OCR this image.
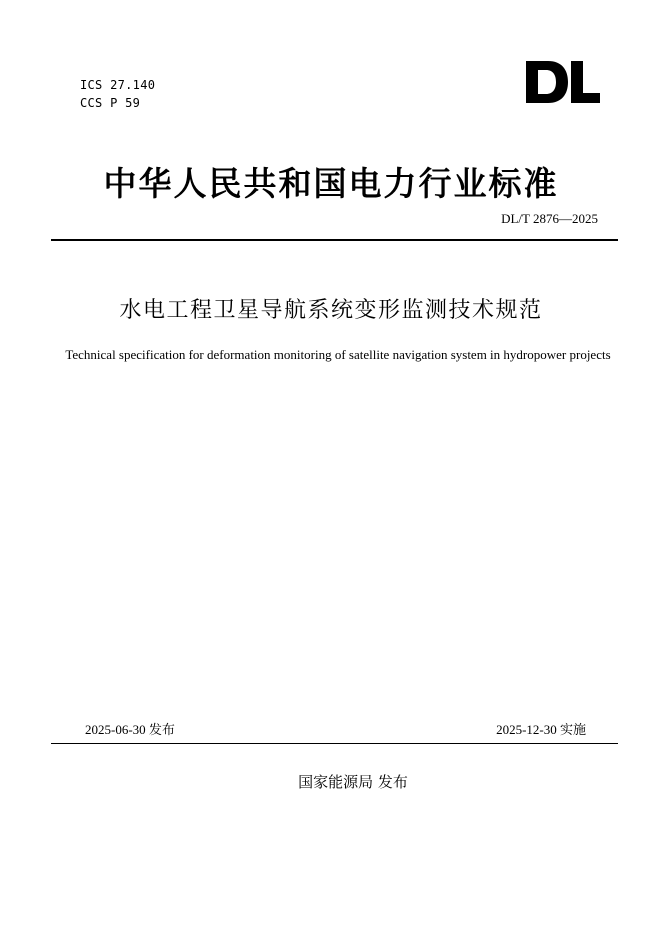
ICS 27.140
CCS P 59
中华人民共和国电力行业标准
DL/T 2876—2025
水电工程卫星导航系统变形监测技术规范
Technical specification for deformation monitoring of satellite navigation system in hydropower projects
2025-06-30 发布	2025-12-30 实施
国家能源局 发布
